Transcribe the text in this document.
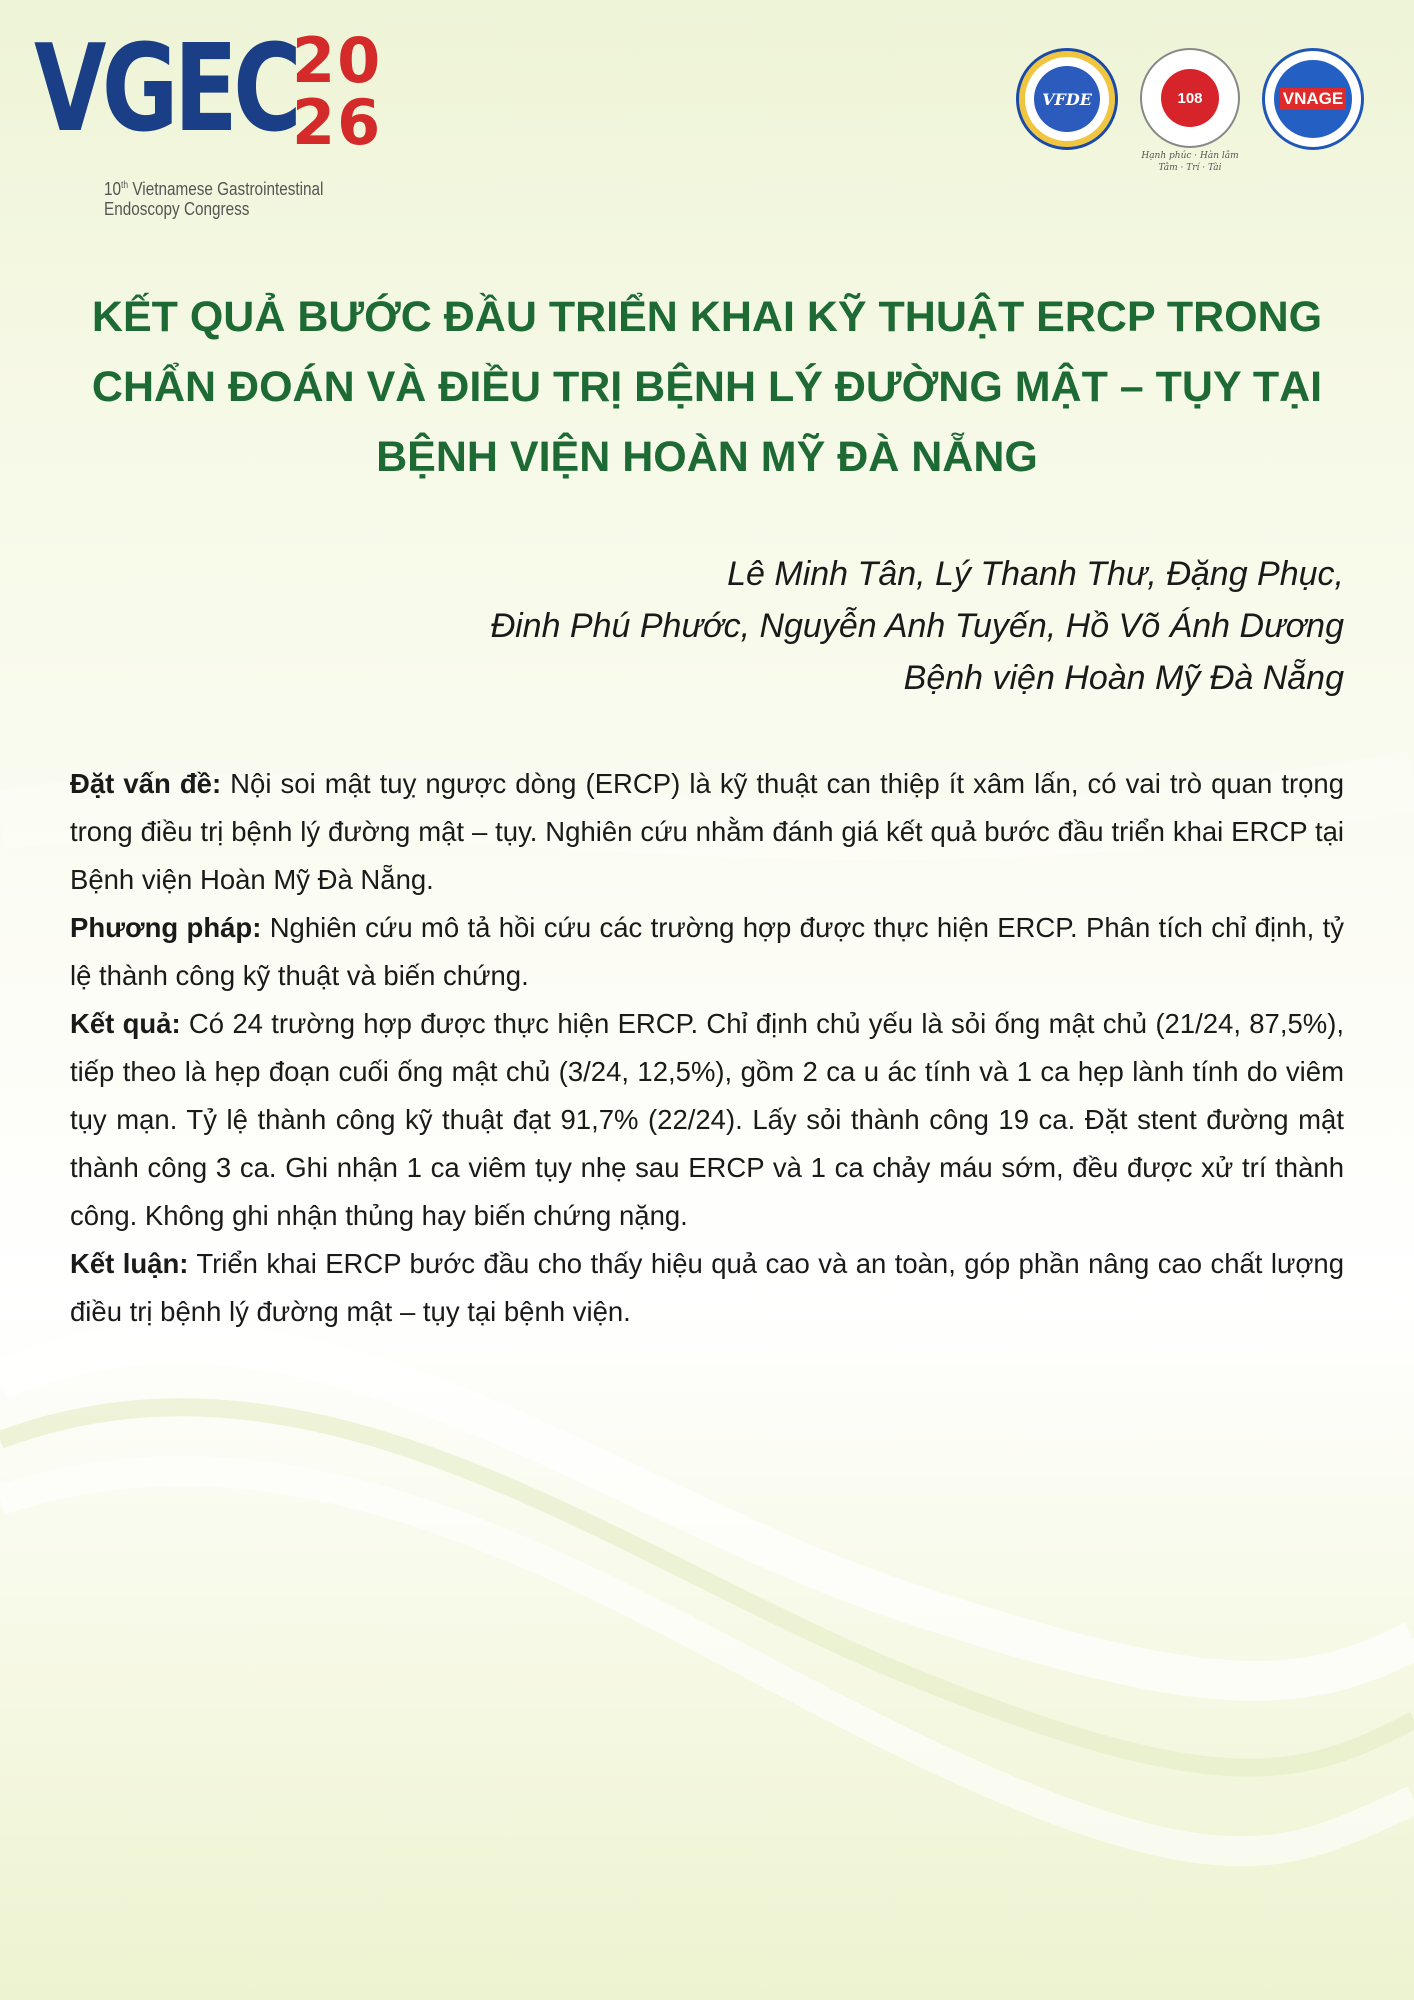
VGEC
20
26
10th Vietnamese Gastrointestinal
Endoscopy Congress
VFDE	108
Hạnh phúc · Hàn lâm
Tâm · Trí · Tài
VNAGE
KẾT QUẢ BƯỚC ĐẦU TRIỂN KHAI KỸ THUẬT ERCP TRONG
CHẨN ĐOÁN VÀ ĐIỀU TRỊ BỆNH LÝ ĐƯỜNG MẬT – TỤY TẠI
BỆNH VIỆN HOÀN MỸ ĐÀ NẴNG
Lê Minh Tân, Lý Thanh Thư, Đặng Phục,
Đinh Phú Phước, Nguyễn Anh Tuyến, Hồ Võ Ánh Dương
Bệnh viện Hoàn Mỹ Đà Nẵng

Đặt vấn đề: Nội soi mật tuỵ ngược dòng (ERCP) là kỹ thuật can thiệp ít xâm lấn, có vai trò quan trọng trong điều trị bệnh lý đường mật – tụy. Nghiên cứu nhằm đánh giá kết quả bước đầu triển khai ERCP tại Bệnh viện Hoàn Mỹ Đà Nẵng.

Phương pháp: Nghiên cứu mô tả hồi cứu các trường hợp được thực hiện ERCP. Phân tích chỉ định, tỷ lệ thành công kỹ thuật và biến chứng.

Kết quả: Có 24 trường hợp được thực hiện ERCP. Chỉ định chủ yếu là sỏi ống mật chủ (21/24, 87,5%), tiếp theo là hẹp đoạn cuối ống mật chủ (3/24, 12,5%), gồm 2 ca u ác tính và 1 ca hẹp lành tính do viêm tụy mạn. Tỷ lệ thành công kỹ thuật đạt 91,7% (22/24). Lấy sỏi thành công 19 ca. Đặt stent đường mật thành công 3 ca. Ghi nhận 1 ca viêm tụy nhẹ sau ERCP và 1 ca chảy máu sớm, đều được xử trí thành công. Không ghi nhận thủng hay biến chứng nặng.

Kết luận: Triển khai ERCP bước đầu cho thấy hiệu quả cao và an toàn, góp phần nâng cao chất lượng điều trị bệnh lý đường mật – tụy tại bệnh viện.
